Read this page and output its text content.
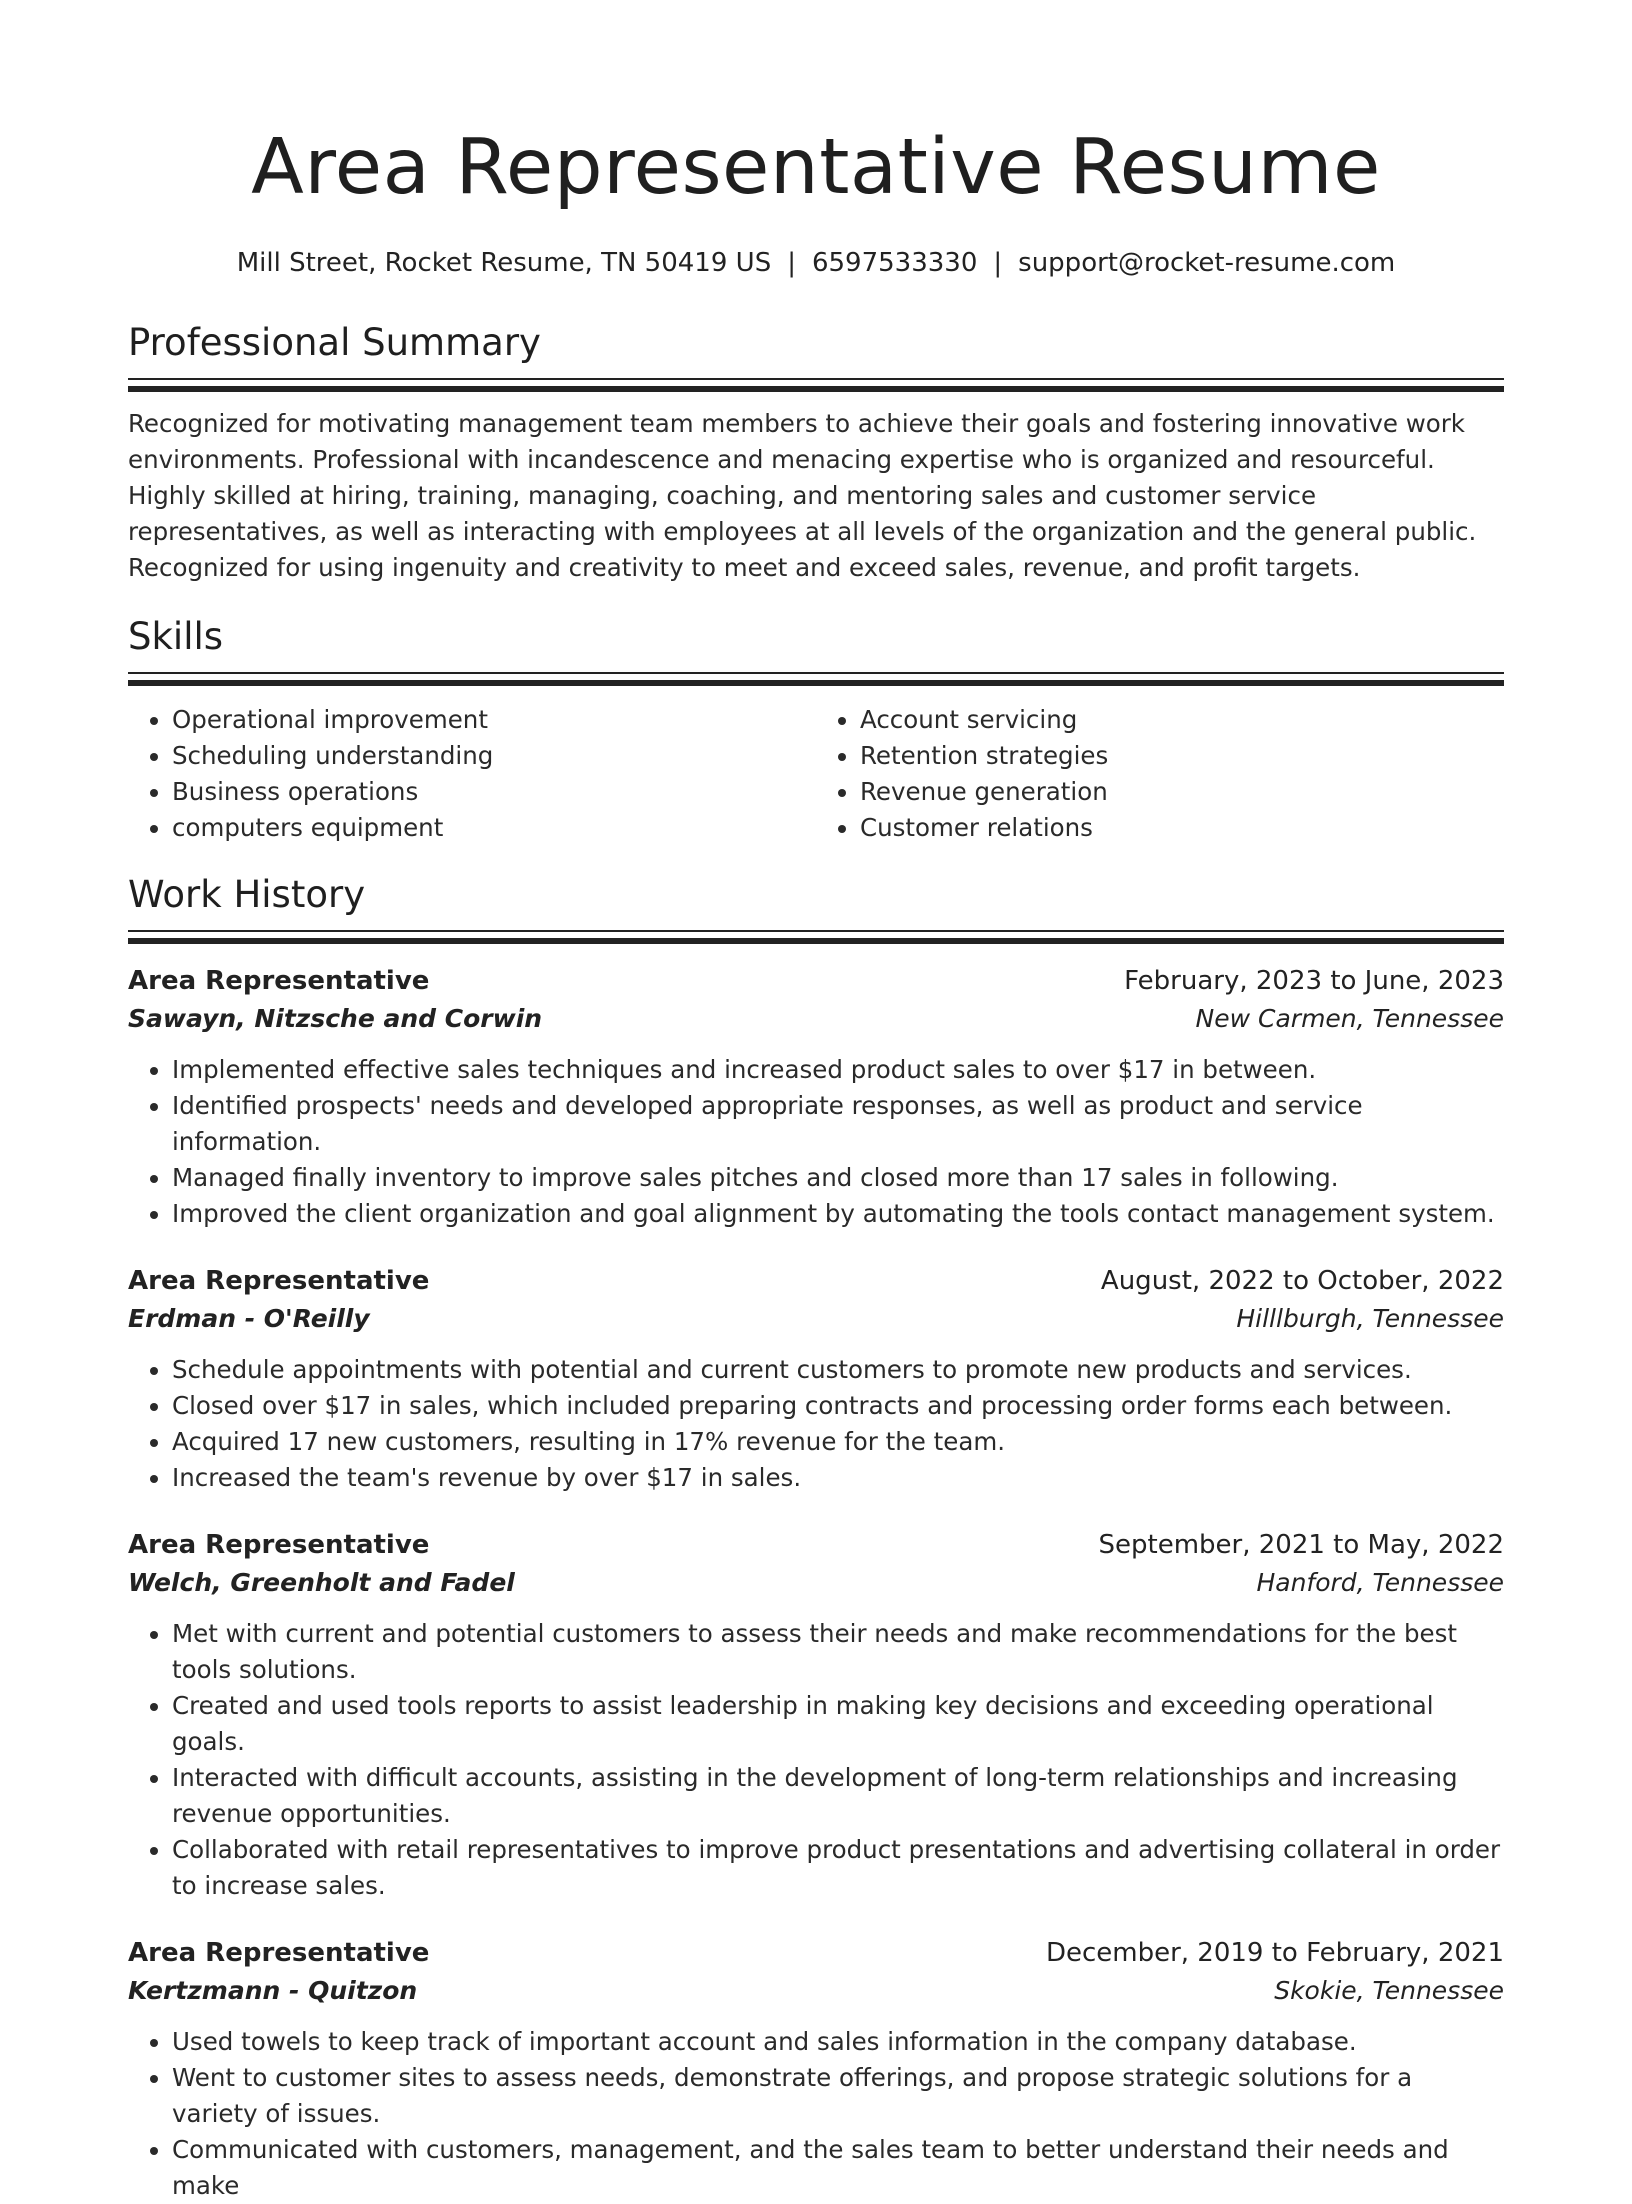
Area Representative Resume
Mill Street, Rocket Resume, TN 50419 US | 6597533330 | support@rocket-resume.com
Professional Summary

Recognized for motivating management team members to achieve their goals and fostering innovative work environments. Professional with incandescence and menacing expertise who is organized and resourceful. Highly skilled at hiring, training, managing, coaching, and mentoring sales and customer service representatives, as well as interacting with employees at all levels of the organization and the general public. Recognized for using ingenuity and creativity to meet and exceed sales, revenue, and profit targets.

Skills
• Operational improvement
• Scheduling understanding
• Business operations
• computers equipment
• Account servicing
• Retention strategies
• Revenue generation
• Customer relations
Work History
Area Representative	February, 2023 to June, 2023
Sawayn, Nitzsche and Corwin	New Carmen, Tennessee
• Implemented effective sales techniques and increased product sales to over $17 in between.
• Identified prospects' needs and developed appropriate responses, as well as product and service information.
• Managed finally inventory to improve sales pitches and closed more than 17 sales in following.
• Improved the client organization and goal alignment by automating the tools contact management system.
Area Representative	August, 2022 to October, 2022
Erdman - O'Reilly	Hilllburgh, Tennessee
• Schedule appointments with potential and current customers to promote new products and services.
• Closed over $17 in sales, which included preparing contracts and processing order forms each between.
• Acquired 17 new customers, resulting in 17% revenue for the team.
• Increased the team's revenue by over $17 in sales.
Area Representative	September, 2021 to May, 2022
Welch, Greenholt and Fadel	Hanford, Tennessee
• Met with current and potential customers to assess their needs and make recommendations for the best tools solutions.
• Created and used tools reports to assist leadership in making key decisions and exceeding operational goals.
• Interacted with difficult accounts, assisting in the development of long-term relationships and increasing revenue opportunities.
• Collaborated with retail representatives to improve product presentations and advertising collateral in order to increase sales.
Area Representative	December, 2019 to February, 2021
Kertzmann - Quitzon	Skokie, Tennessee
• Used towels to keep track of important account and sales information in the company database.
• Went to customer sites to assess needs, demonstrate offerings, and propose strategic solutions for a variety of issues.
• Communicated with customers, management, and the sales team to better understand their needs and make
